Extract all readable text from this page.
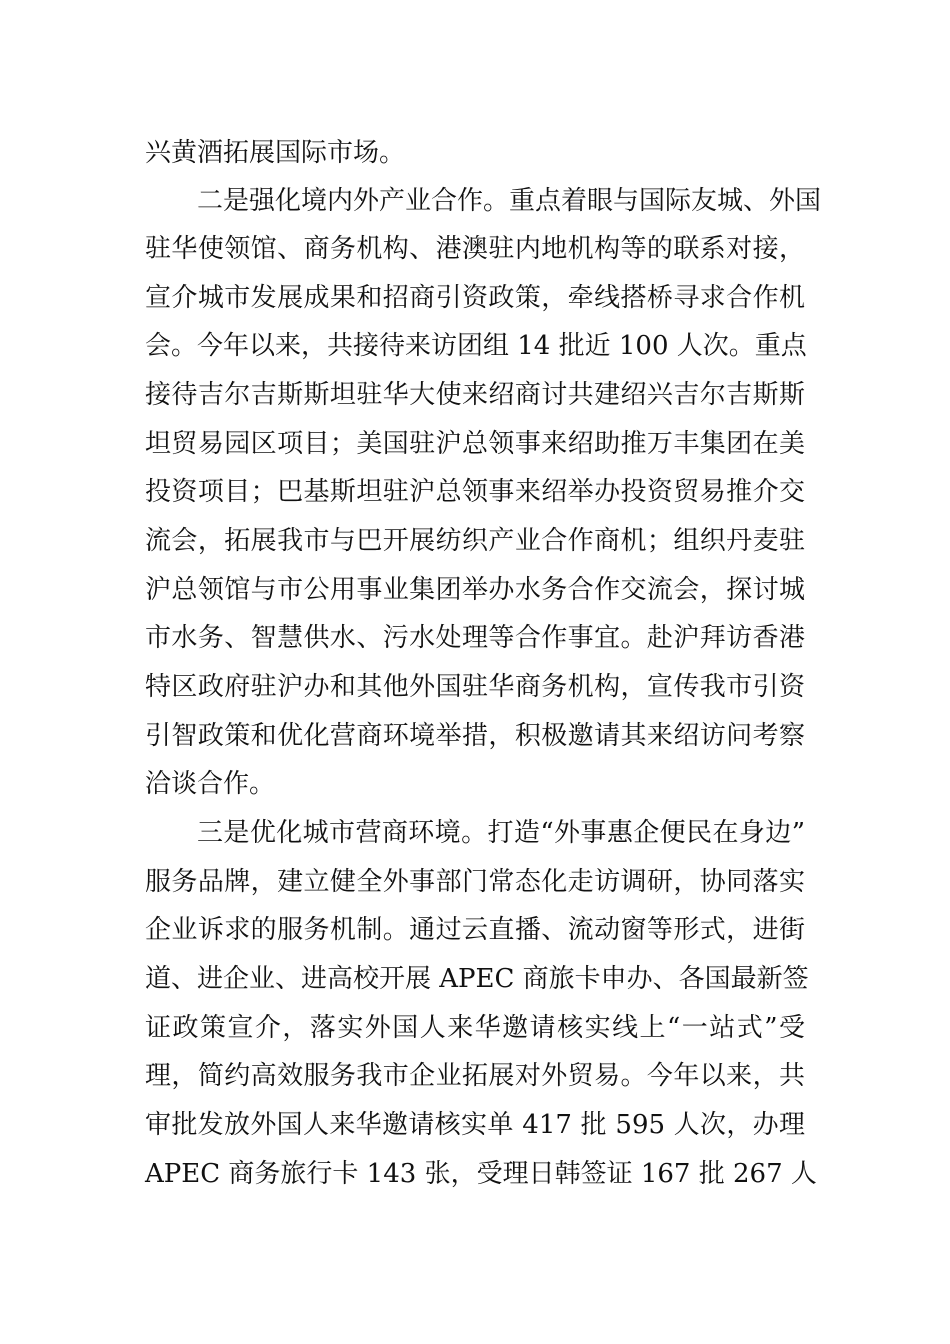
兴黄酒拓展国际市场。
二是强化境内外产业合作。重点着眼与国际友城、外国
驻华使领馆、商务机构、港澳驻内地机构等的联系对接，
宣介城市发展成果和招商引资政策，牵线搭桥寻求合作机
会。今年以来，共接待来访团组 14 批近 100 人次。重点
接待吉尔吉斯斯坦驻华大使来绍商讨共建绍兴吉尔吉斯斯
坦贸易园区项目；美国驻沪总领事来绍助推万丰集团在美
投资项目；巴基斯坦驻沪总领事来绍举办投资贸易推介交
流会，拓展我市与巴开展纺织产业合作商机；组织丹麦驻
沪总领馆与市公用事业集团举办水务合作交流会，探讨城
市水务、智慧供水、污水处理等合作事宜。赴沪拜访香港
特区政府驻沪办和其他外国驻华商务机构，宣传我市引资
引智政策和优化营商环境举措，积极邀请其来绍访问考察
洽谈合作。
三是优化城市营商环境。打造“外事惠企便民在身边”
服务品牌，建立健全外事部门常态化走访调研，协同落实
企业诉求的服务机制。通过云直播、流动窗等形式，进街
道、进企业、进高校开展 APEC 商旅卡申办、各国最新签
证政策宣介，落实外国人来华邀请核实线上“一站式”受
理，简约高效服务我市企业拓展对外贸易。今年以来，共
审批发放外国人来华邀请核实单 417 批 595 人次，办理
APEC 商务旅行卡 143 张，受理日韩签证 167 批 267 人
